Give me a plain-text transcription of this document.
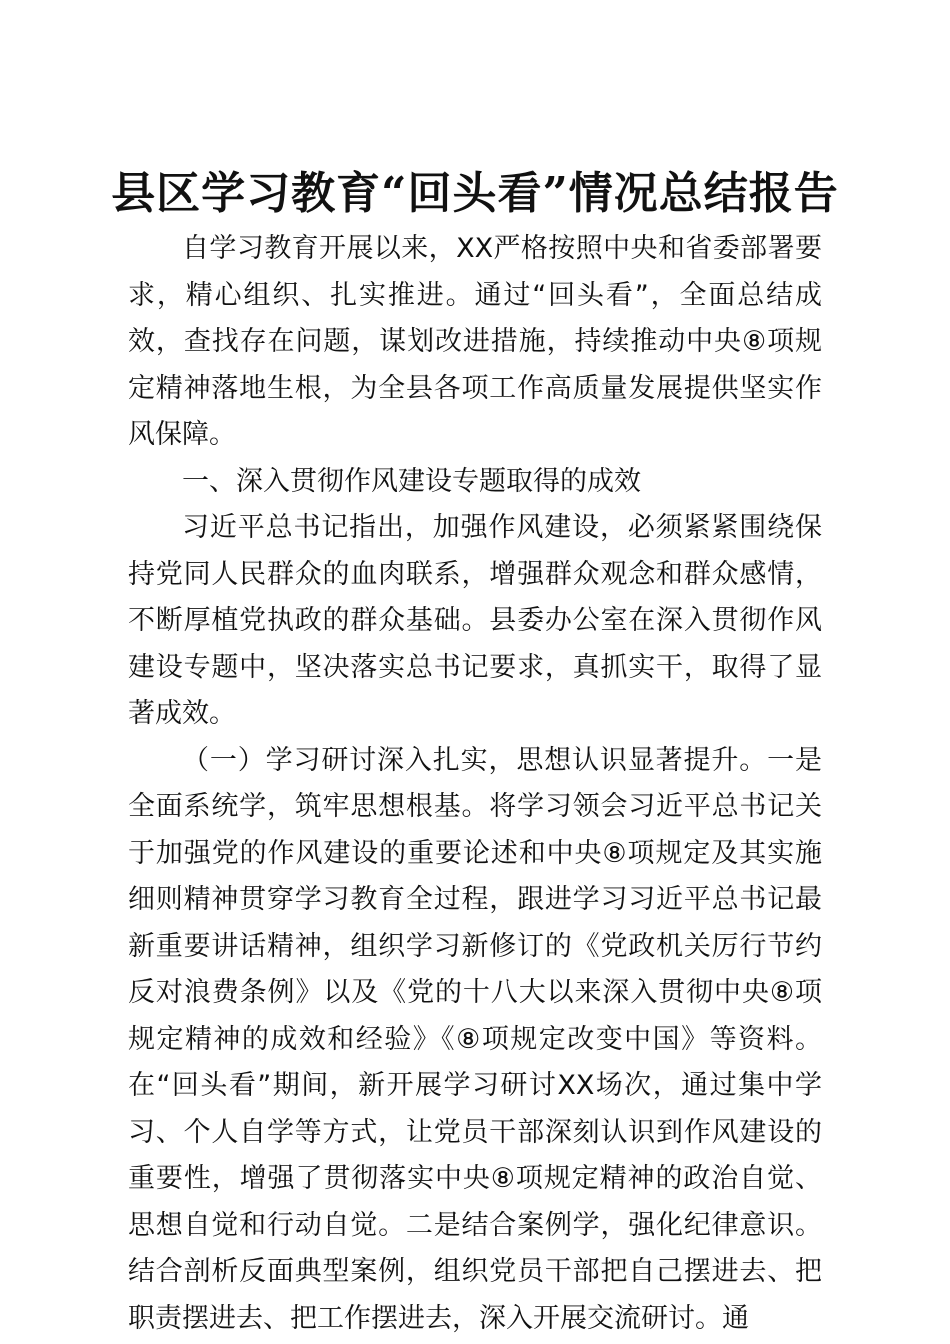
县区学习教育“回头看”情况总结报告

自学习教育开展以来，XX严格按照中央和省委部署要求，精心组织、扎实推进。通过“回头看”，全面总结成效，查找存在问题，谋划改进措施，持续推动中央⑧项规定精神落地生根，为全县各项工作高质量发展提供坚实作风保障。

一、深入贯彻作风建设专题取得的成效

习近平总书记指出，加强作风建设，必须紧紧围绕保持党同人民群众的血肉联系，增强群众观念和群众感情，不断厚植党执政的群众基础。县委办公室在深入贯彻作风建设专题中，坚决落实总书记要求，真抓实干，取得了显著成效。

（一）学习研讨深入扎实，思想认识显著提升。一是全面系统学，筑牢思想根基。将学习领会习近平总书记关于加强党的作风建设的重要论述和中央⑧项规定及其实施细则精神贯穿学习教育全过程，跟进学习习近平总书记最新重要讲话精神，组织学习新修订的《党政机关厉行节约反对浪费条例》以及《党的十八大以来深入贯彻中央⑧项规定精神的成效和经验》《⑧项规定改变中国》等资料。在“回头看”期间，新开展学习研讨XX场次，通过集中学习、个人自学等方式，让党员干部深刻认识到作风建设的重要性，增强了贯彻落实中央⑧项规定精神的政治自觉、思想自觉和行动自觉。二是结合案例学，强化纪律意识。结合剖析反面典型案例，组织党员干部把自己摆进去、把职责摆进去、把工作摆进去，深入开展交流研讨。通
